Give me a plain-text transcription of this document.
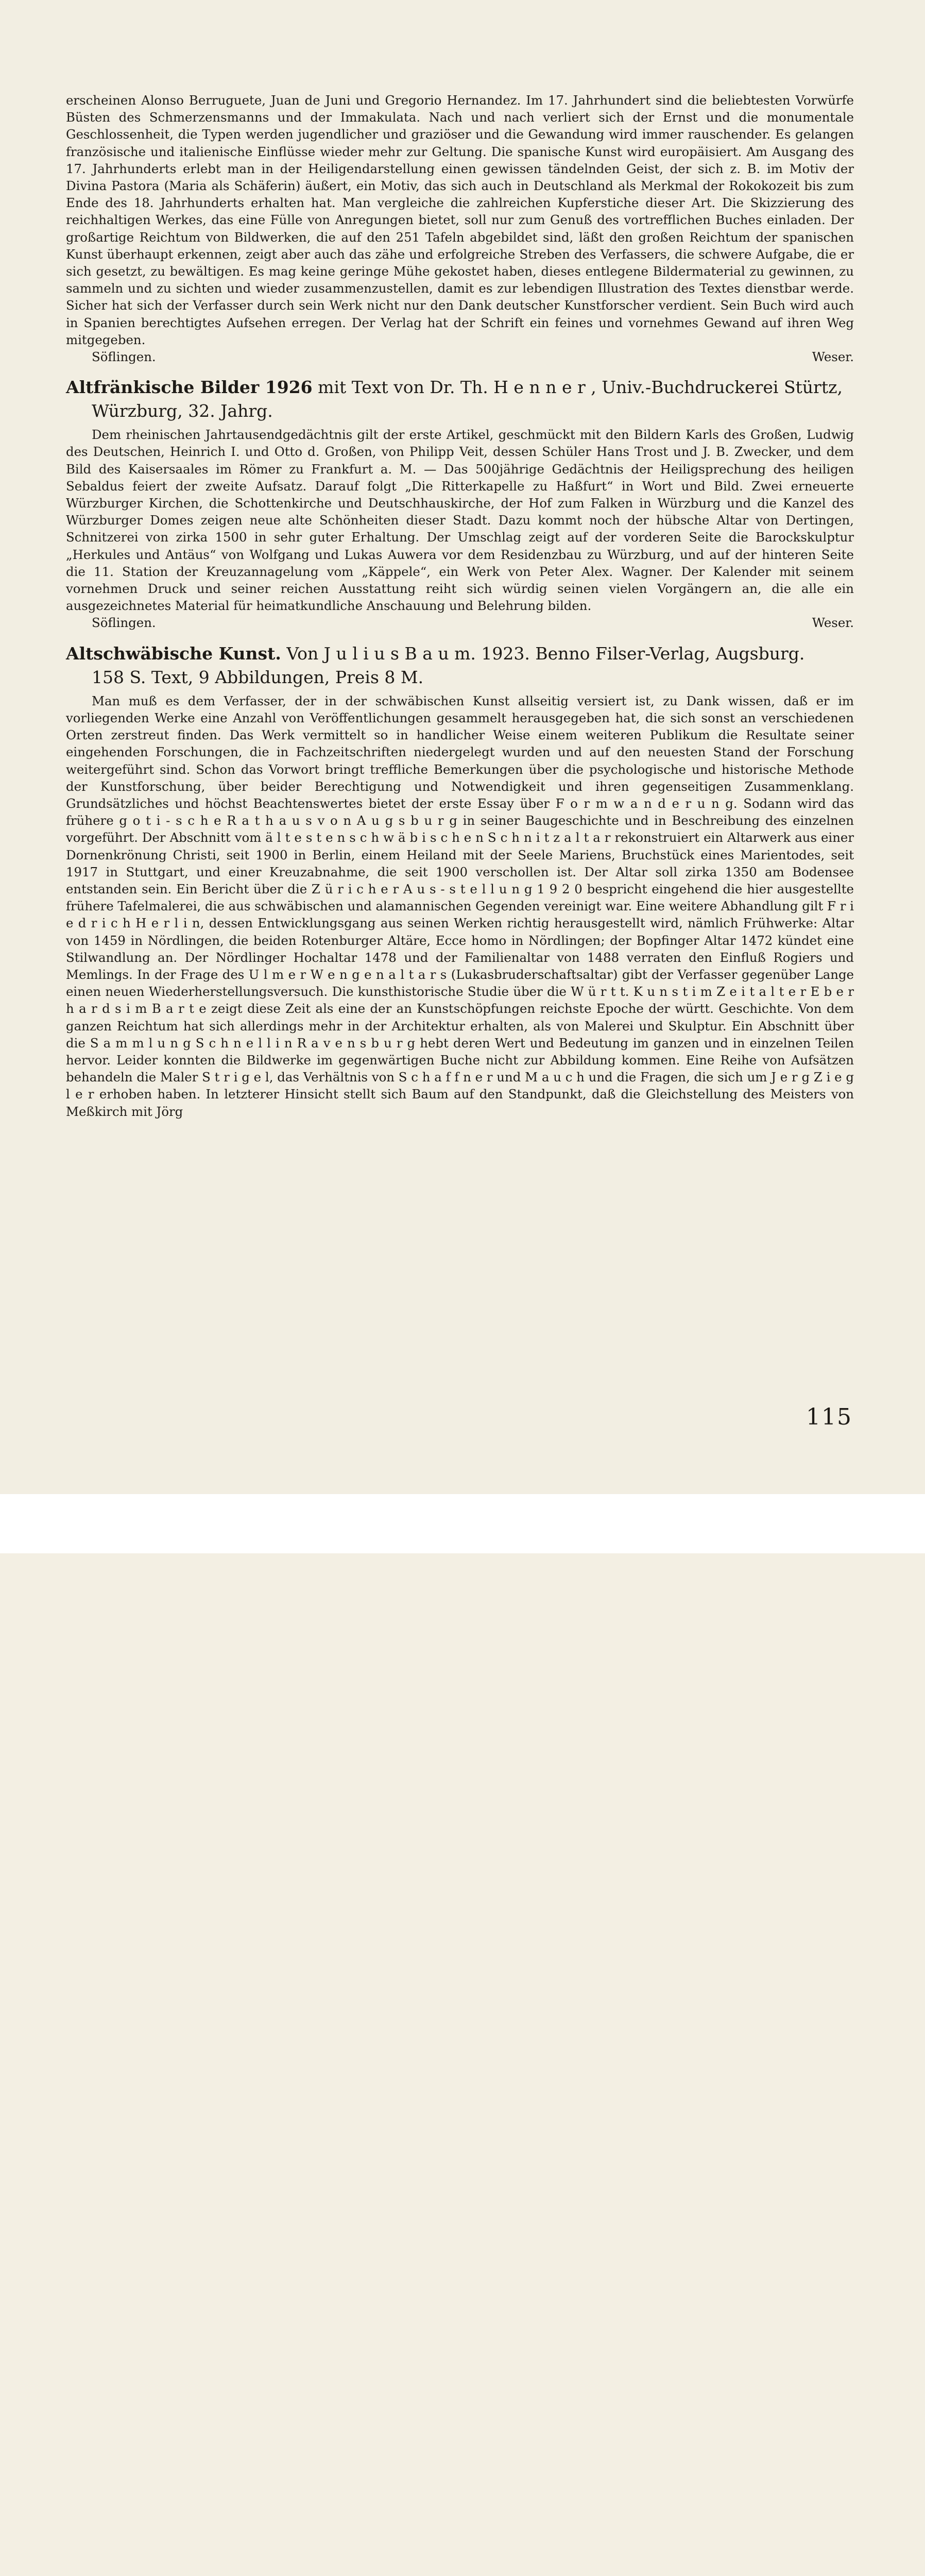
erscheinen Alonso Berruguete, Juan de Juni und Gregorio Hernandez. Im 17. Jahrhundert sind die beliebtesten Vorwürfe Büsten des Schmerzensmanns und der Immakulata. Nach und nach verliert sich der Ernst und die monumentale Geschlossenheit, die Typen werden jugendlicher und graziöser und die Gewandung wird immer rauschender. Es gelangen französische und italienische Einflüsse wieder mehr zur Geltung. Die spanische Kunst wird europäisiert. Am Ausgang des 17. Jahrhunderts erlebt man in der Heiligendarstellung einen gewissen tändelnden Geist, der sich z. B. im Motiv der Divina Pastora (Maria als Schäferin) äußert, ein Motiv, das sich auch in Deutschland als Merkmal der Rokokozeit bis zum Ende des 18. Jahrhunderts erhalten hat. Man vergleiche die zahlreichen Kupferstiche dieser Art. Die Skizzierung des reichhaltigen Werkes, das eine Fülle von Anregungen bietet, soll nur zum Genuß des vortrefflichen Buches einladen. Der großartige Reichtum von Bildwerken, die auf den 251 Tafeln abgebildet sind, läßt den großen Reichtum der spanischen Kunst überhaupt erkennen, zeigt aber auch das zähe und erfolgreiche Streben des Verfassers, die schwere Aufgabe, die er sich gesetzt, zu bewältigen. Es mag keine geringe Mühe gekostet haben, dieses entlegene Bildermaterial zu gewinnen, zu sammeln und zu sichten und wieder zusammenzustellen, damit es zur lebendigen Illustration des Textes dienstbar werde. Sicher hat sich der Verfasser durch sein Werk nicht nur den Dank deutscher Kunstforscher verdient. Sein Buch wird auch in Spanien berechtigtes Aufsehen erregen. Der Verlag hat der Schrift ein feines und vornehmes Gewand auf ihren Weg mitgegeben.

Söflingen.	Weser.

Altfränkische Bilder 1926 mit Text von Dr. Th. H e n n e r , Univ.-Buchdruckerei Stürtz,

Würzburg, 32. Jahrg.

Dem rheinischen Jahrtausendgedächtnis gilt der erste Artikel, geschmückt mit den Bildern Karls des Großen, Ludwig des Deutschen, Heinrich I. und Otto d. Großen, von Philipp Veit, dessen Schüler Hans Trost und J. B. Zwecker, und dem Bild des Kaisersaales im Römer zu Frankfurt a. M. — Das 500jährige Gedächtnis der Heiligsprechung des heiligen Sebaldus feiert der zweite Aufsatz. Darauf folgt „Die Ritterkapelle zu Haßfurt“ in Wort und Bild. Zwei erneuerte Würzburger Kirchen, die Schottenkirche und Deutschhauskirche, der Hof zum Falken in Würzburg und die Kanzel des Würzburger Domes zeigen neue alte Schönheiten dieser Stadt. Dazu kommt noch der hübsche Altar von Dertingen, Schnitzerei von zirka 1500 in sehr guter Erhaltung. Der Umschlag zeigt auf der vorderen Seite die Barockskulptur „Herkules und Antäus“ von Wolfgang und Lukas Auwera vor dem Residenzbau zu Würzburg, und auf der hinteren Seite die 11. Station der Kreuzannagelung vom „Käppele“, ein Werk von Peter Alex. Wagner. Der Kalender mit seinem vornehmen Druck und seiner reichen Ausstattung reiht sich würdig seinen vielen Vorgängern an, die alle ein ausgezeichnetes Material für heimatkundliche Anschauung und Belehrung bilden.

Söflingen.	Weser.

Altschwäbische Kunst. Von J u l i u s B a u m. 1923. Benno Filser-Verlag, Augsburg.

158 S. Text, 9 Abbildungen, Preis 8 M.

Man muß es dem Verfasser, der in der schwäbischen Kunst allseitig versiert ist, zu Dank wissen, daß er im vorliegenden Werke eine Anzahl von Veröffentlichungen gesammelt herausgegeben hat, die sich sonst an verschiedenen Orten zerstreut finden. Das Werk vermittelt so in handlicher Weise einem weiteren Publikum die Resultate seiner eingehenden Forschungen, die in Fachzeitschriften niedergelegt wurden und auf den neuesten Stand der Forschung weitergeführt sind. Schon das Vorwort bringt treffliche Bemerkungen über die psychologische und historische Methode der Kunstforschung, über beider Berechtigung und Notwendigkeit und ihren gegenseitigen Zusammenklang. Grundsätzliches und höchst Beachtenswertes bietet der erste Essay über F o r m w a n d e r u n g. Sodann wird das frühere g o t i - s c h e R a t h a u s v o n A u g s b u r g in seiner Baugeschichte und in Beschreibung des einzelnen vorgeführt. Der Abschnitt vom ä l t e s t e n s c h w ä b i s c h e n S c h n i t z a l t a r rekonstruiert ein Altarwerk aus einer Dornenkrönung Christi, seit 1900 in Berlin, einem Heiland mit der Seele Mariens, Bruchstück eines Marientodes, seit 1917 in Stuttgart, und einer Kreuzabnahme, die seit 1900 verschollen ist. Der Altar soll zirka 1350 am Bodensee entstanden sein. Ein Bericht über die Z ü r i c h e r A u s - s t e l l u n g 1 9 2 0 bespricht eingehend die hier ausgestellte frühere Tafelmalerei, die aus schwäbischen und alamannischen Gegenden vereinigt war. Eine weitere Abhandlung gilt F r i e d r i c h H e r l i n, dessen Entwicklungsgang aus seinen Werken richtig herausgestellt wird, nämlich Frühwerke: Altar von 1459 in Nördlingen, die beiden Rotenburger Altäre, Ecce homo in Nördlingen; der Bopfinger Altar 1472 kündet eine Stilwandlung an. Der Nördlinger Hochaltar 1478 und der Familienaltar von 1488 verraten den Einfluß Rogiers und Memlings. In der Frage des U l m e r W e n g e n a l t a r s (Lukasbruderschaftsaltar) gibt der Verfasser gegenüber Lange einen neuen Wiederherstellungsversuch. Die kunsthistorische Studie über die W ü r t t. K u n s t i m Z e i t a l t e r E b e r h a r d s i m B a r t e zeigt diese Zeit als eine der an Kunstschöpfungen reichste Epoche der württ. Geschichte. Von dem ganzen Reichtum hat sich allerdings mehr in der Architektur erhalten, als von Malerei und Skulptur. Ein Abschnitt über die S a m m l u n g S c h n e l l i n R a v e n s b u r g hebt deren Wert und Bedeutung im ganzen und in einzelnen Teilen hervor. Leider konnten die Bildwerke im gegenwärtigen Buche nicht zur Abbildung kommen. Eine Reihe von Aufsätzen behandeln die Maler S t r i g e l, das Verhältnis von S c h a f f n e r und M a u c h und die Fragen, die sich um J e r g Z i e g l e r erhoben haben. In letzterer Hinsicht stellt sich Baum auf den Standpunkt, daß die Gleichstellung des Meisters von Meßkirch mit Jörg

115
